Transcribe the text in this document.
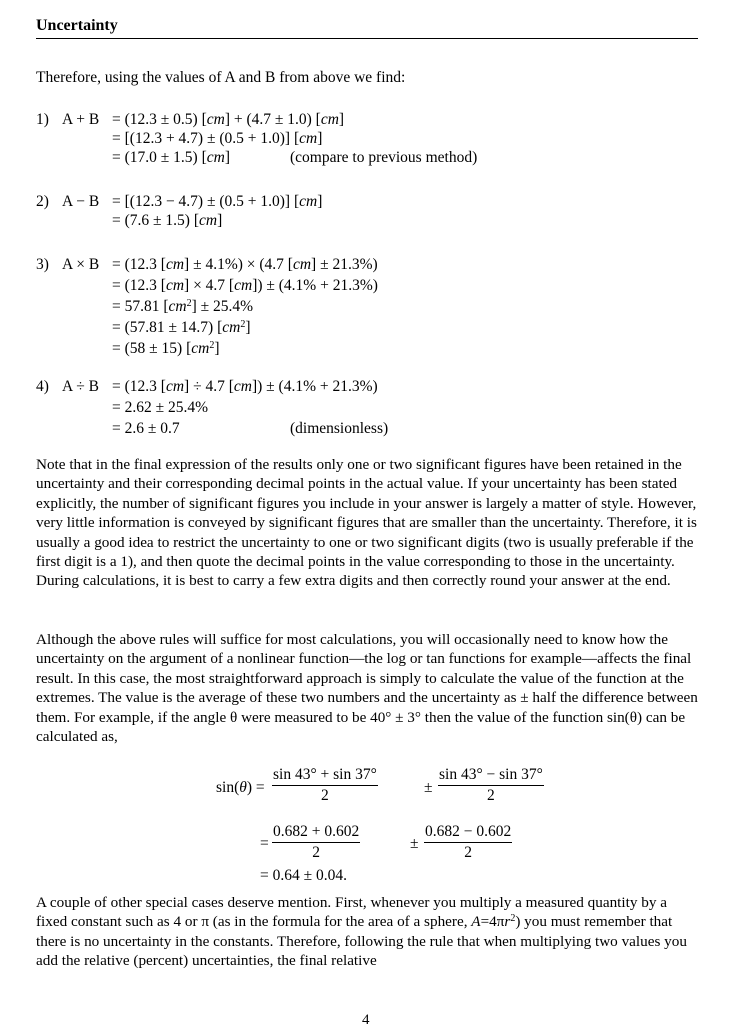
Uncertainty
Therefore, using the values of A and B from above we find:
1) A + B = (12.3 ± 0.5) [cm] + (4.7 ± 1.0) [cm]
= [(12.3 + 4.7) ± (0.5 + 1.0)] [cm]
= (17.0 ± 1.5) [cm]	(compare to previous method)
2) A − B = [(12.3 − 4.7) ± (0.5 + 1.0)] [cm]
= (7.6 ± 1.5) [cm]
3) A × B = (12.3 [cm] ± 4.1%) × (4.7 [cm] ± 21.3%)
= (12.3 [cm] × 4.7 [cm]) ± (4.1% + 21.3%)
= 57.81 $[cm^2] \pm 25.4\%$
= (57.81 ± 14.7) $[cm^2]$
= (58 ± 15) $[cm^2]$
4) A ÷ B = (12.3 [cm] ÷ 4.7 [cm]) ± (4.1% + 21.3%)
= 2.62 ± 25.4%
= 2.6 ± 0.7	(dimensionless)
Note that in the final expression of the results only one or two significant figures have been retained in the uncertainty and their corresponding decimal points in the actual value. If your uncertainty has been stated explicitly, the number of significant figures you include in your answer is largely a matter of style. However, very little information is conveyed by significant figures that are smaller than the uncertainty. Therefore, it is usually a good idea to restrict the uncertainty to one or two significant digits (two is usually preferable if the first digit is a 1), and then quote the decimal points in the value corresponding to those in the uncertainty. During calculations, it is best to carry a few extra digits and then correctly round your answer at the end.
Although the above rules will suffice for most calculations, you will occasionally need to know how the uncertainty on the argument of a nonlinear function—the log or tan functions for example—affects the final result. In this case, the most straightforward approach is simply to calculate the value of the function at the extremes. The value is the average of these two numbers and the uncertainty as ± half the difference between them. For example, if the angle θ were measured to be 40° ± 3° then the value of the function sin(θ) can be calculated as,
$\sin(\theta) = \frac{\sin 43^\circ + \sin 37^\circ}{2}$	± $\frac{\sin 43^\circ - \sin 37^\circ}{2}$
= $\frac{0.682 + 0.602}{2}$	± $\frac{0.682 - 0.602}{2}$
= 0.64 ± 0.04.
A couple of other special cases deserve mention. First, whenever you multiply a measured quantity by a fixed constant such as 4 or π (as in the formula for the area of a sphere, $A=4\pi r^2$) you must remember that there is no uncertainty in the constants. Therefore, following the rule that when multiplying two values you add the relative (percent) uncertainties, the final relative
4
